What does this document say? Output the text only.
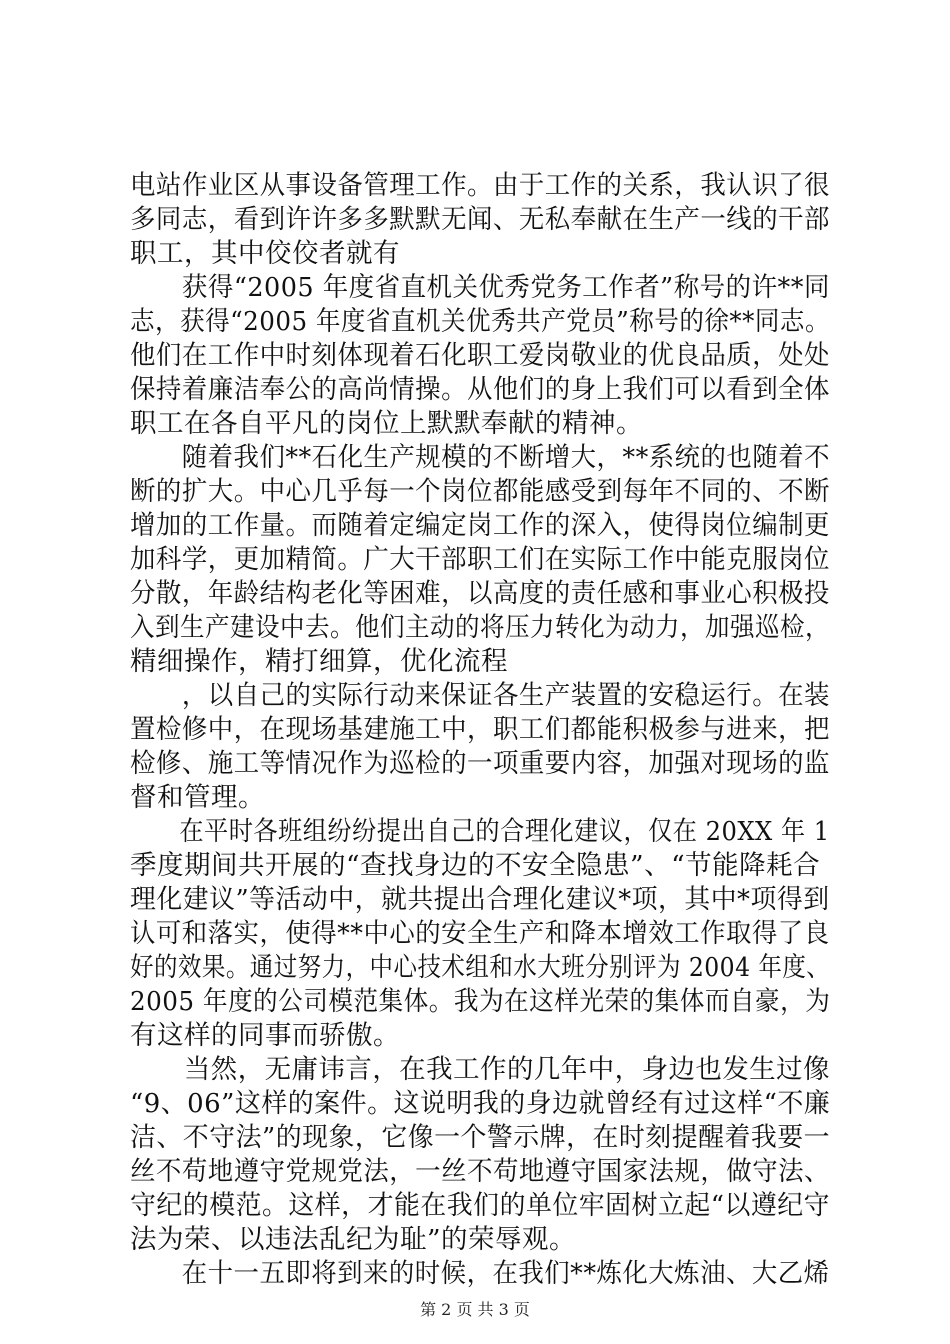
电站作业区从事设备管理工作。由于工作的关系，我认识了很
多同志，看到许许多多默默无闻、无私奉献在生产一线的干部
职工，其中佼佼者就有
　　获得“2005 年度省直机关优秀党务工作者”称号的许**同
志，获得“2005 年度省直机关优秀共产党员”称号的徐**同志。
他们在工作中时刻体现着石化职工爱岗敬业的优良品质，处处
保持着廉洁奉公的高尚情操。从他们的身上我们可以看到全体
职工在各自平凡的岗位上默默奉献的精神。
　　随着我们**石化生产规模的不断增大，**系统的也随着不
断的扩大。中心几乎每一个岗位都能感受到每年不同的、不断
增加的工作量。而随着定编定岗工作的深入，使得岗位编制更
加科学，更加精简。广大干部职工们在实际工作中能克服岗位
分散，年龄结构老化等困难，以高度的责任感和事业心积极投
入到生产建设中去。他们主动的将压力转化为动力，加强巡检，
精细操作，精打细算，优化流程
　　，以自己的实际行动来保证各生产装置的安稳运行。在装
置检修中，在现场基建施工中，职工们都能积极参与进来，把
检修、施工等情况作为巡检的一项重要内容，加强对现场的监
督和管理。
　　在平时各班组纷纷提出自己的合理化建议，仅在 20XX 年 1
季度期间共开展的“查找身边的不安全隐患”、“节能降耗合
理化建议”等活动中，就共提出合理化建议*项，其中*项得到
认可和落实，使得**中心的安全生产和降本增效工作取得了良
好的效果。通过努力，中心技术组和水大班分别评为 2004 年度、
2005 年度的公司模范集体。我为在这样光荣的集体而自豪，为
有这样的同事而骄傲。
　　当然，无庸讳言，在我工作的几年中，身边也发生过像
“9、06”这样的案件。这说明我的身边就曾经有过这样“不廉
洁、不守法”的现象，它像一个警示牌，在时刻提醒着我要一
丝不苟地遵守党规党法，一丝不苟地遵守国家法规，做守法、
守纪的模范。这样，才能在我们的单位牢固树立起“以遵纪守
法为荣、以违法乱纪为耻”的荣辱观。
　　在十一五即将到来的时候，在我们**炼化大炼油、大乙烯
第 2 页 共 3 页
